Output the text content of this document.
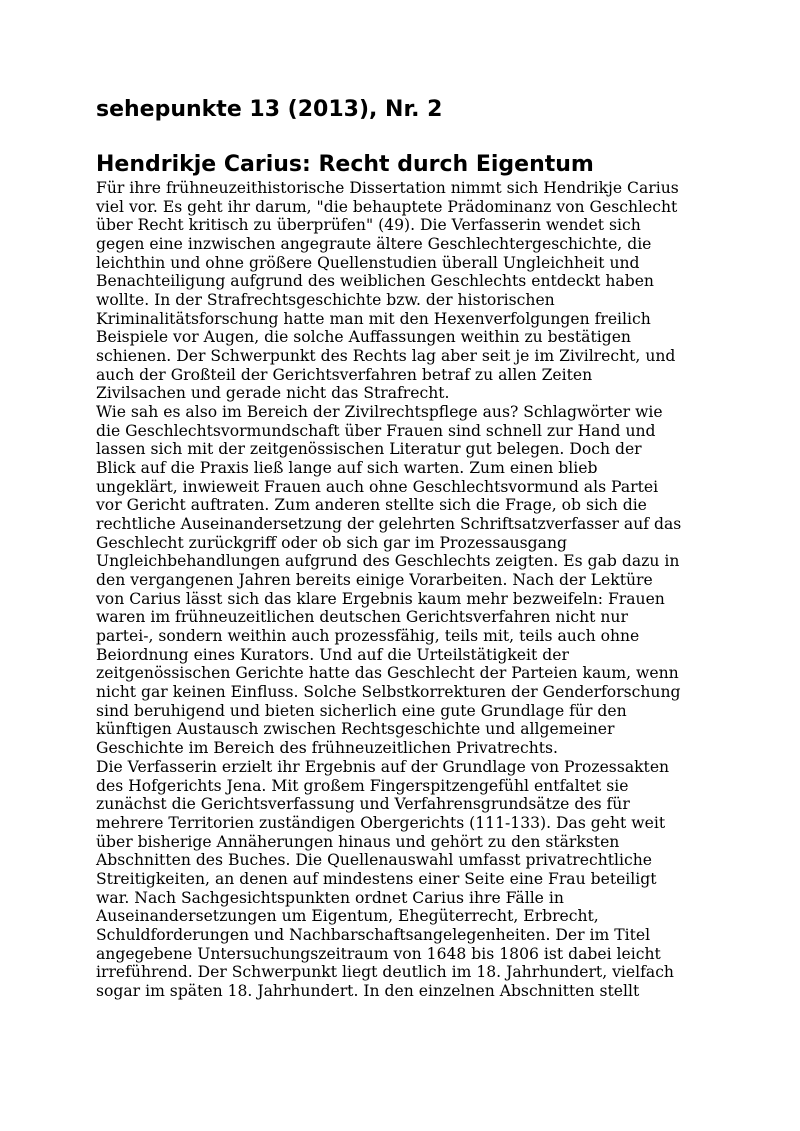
sehepunkte 13 (2013), Nr. 2
Hendrikje Carius: Recht durch Eigentum
Für ihre frühneuzeithistorische Dissertation nimmt sich Hendrikje Carius
viel vor. Es geht ihr darum, "die behauptete Prädominanz von Geschlecht
über Recht kritisch zu überprüfen" (49). Die Verfasserin wendet sich
gegen eine inzwischen angegraute ältere Geschlechtergeschichte, die
leichthin und ohne größere Quellenstudien überall Ungleichheit und
Benachteiligung aufgrund des weiblichen Geschlechts entdeckt haben
wollte. In der Strafrechtsgeschichte bzw. der historischen
Kriminalitätsforschung hatte man mit den Hexenverfolgungen freilich
Beispiele vor Augen, die solche Auffassungen weithin zu bestätigen
schienen. Der Schwerpunkt des Rechts lag aber seit je im Zivilrecht, und
auch der Großteil der Gerichtsverfahren betraf zu allen Zeiten
Zivilsachen und gerade nicht das Strafrecht.
Wie sah es also im Bereich der Zivilrechtspflege aus? Schlagwörter wie
die Geschlechtsvormundschaft über Frauen sind schnell zur Hand und
lassen sich mit der zeitgenössischen Literatur gut belegen. Doch der
Blick auf die Praxis ließ lange auf sich warten. Zum einen blieb
ungeklärt, inwieweit Frauen auch ohne Geschlechtsvormund als Partei
vor Gericht auftraten. Zum anderen stellte sich die Frage, ob sich die
rechtliche Auseinandersetzung der gelehrten Schriftsatzverfasser auf das
Geschlecht zurückgriff oder ob sich gar im Prozessausgang
Ungleichbehandlungen aufgrund des Geschlechts zeigten. Es gab dazu in
den vergangenen Jahren bereits einige Vorarbeiten. Nach der Lektüre
von Carius lässt sich das klare Ergebnis kaum mehr bezweifeln: Frauen
waren im frühneuzeitlichen deutschen Gerichtsverfahren nicht nur
partei-, sondern weithin auch prozessfähig, teils mit, teils auch ohne
Beiordnung eines Kurators. Und auf die Urteilstätigkeit der
zeitgenössischen Gerichte hatte das Geschlecht der Parteien kaum, wenn
nicht gar keinen Einfluss. Solche Selbstkorrekturen der Genderforschung
sind beruhigend und bieten sicherlich eine gute Grundlage für den
künftigen Austausch zwischen Rechtsgeschichte und allgemeiner
Geschichte im Bereich des frühneuzeitlichen Privatrechts.
Die Verfasserin erzielt ihr Ergebnis auf der Grundlage von Prozessakten
des Hofgerichts Jena. Mit großem Fingerspitzengefühl entfaltet sie
zunächst die Gerichtsverfassung und Verfahrensgrundsätze des für
mehrere Territorien zuständigen Obergerichts (111-133). Das geht weit
über bisherige Annäherungen hinaus und gehört zu den stärksten
Abschnitten des Buches. Die Quellenauswahl umfasst privatrechtliche
Streitigkeiten, an denen auf mindestens einer Seite eine Frau beteiligt
war. Nach Sachgesichtspunkten ordnet Carius ihre Fälle in
Auseinandersetzungen um Eigentum, Ehegüterrecht, Erbrecht,
Schuldforderungen und Nachbarschaftsangelegenheiten. Der im Titel
angegebene Untersuchungszeitraum von 1648 bis 1806 ist dabei leicht
irreführend. Der Schwerpunkt liegt deutlich im 18. Jahrhundert, vielfach
sogar im späten 18. Jahrhundert. In den einzelnen Abschnitten stellt
